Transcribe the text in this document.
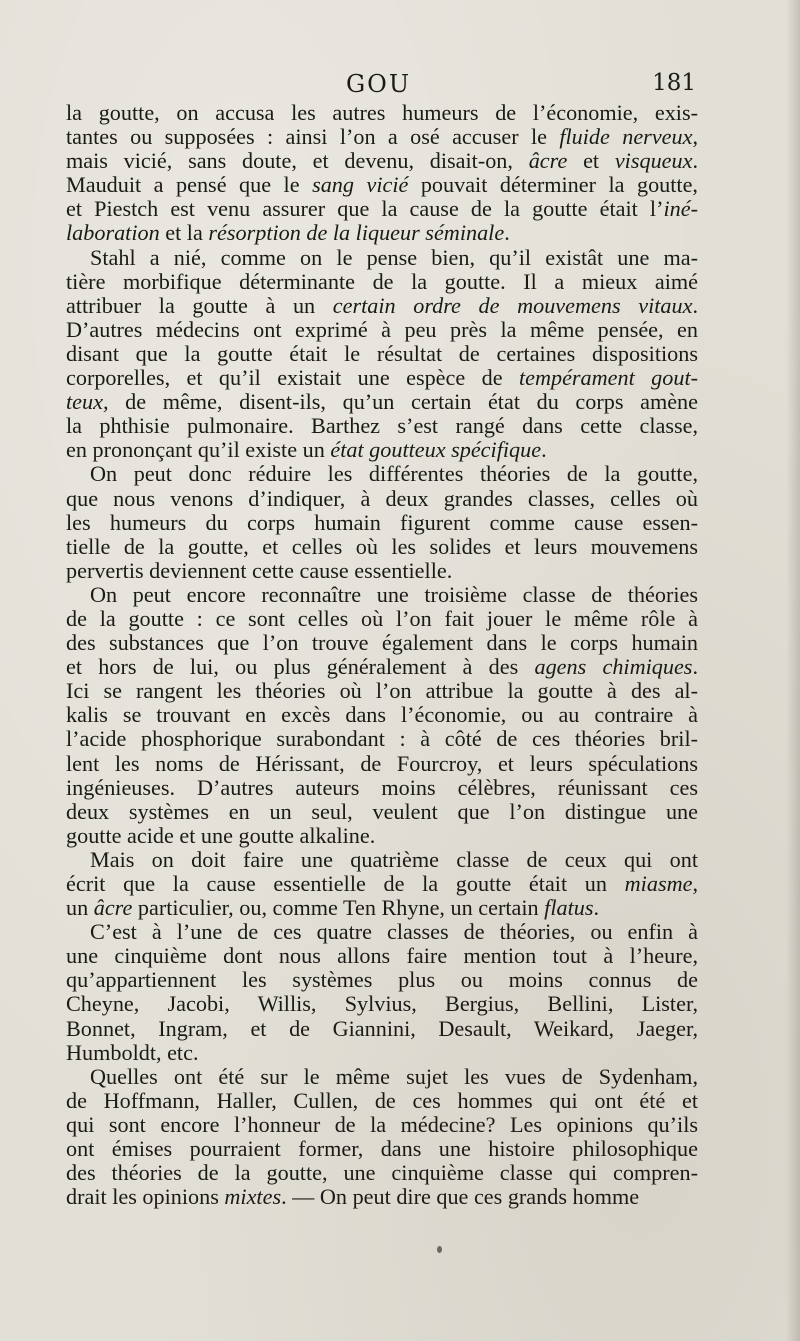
GOU	181

la goutte, on accusa les autres humeurs de l’économie, exis-

tantes ou supposées : ainsi l’on a osé accuser le fluide nerveux,

mais vicié, sans doute, et devenu, disait-on, âcre et visqueux.

Mauduit a pensé que le sang vicié pouvait déterminer la goutte,

et Piestch est venu assurer que la cause de la goutte était l’iné-

laboration et la résorption de la liqueur séminale.

Stahl a nié, comme on le pense bien, qu’il existât une ma-

tière morbifique déterminante de la goutte. Il a mieux aimé

attribuer la goutte à un certain ordre de mouvemens vitaux.

D’autres médecins ont exprimé à peu près la même pensée, en

disant que la goutte était le résultat de certaines dispositions

corporelles, et qu’il existait une espèce de tempérament gout-

teux, de même, disent-ils, qu’un certain état du corps amène

la phthisie pulmonaire. Barthez s’est rangé dans cette classe,

en prononçant qu’il existe un état goutteux spécifique.

On peut donc réduire les différentes théories de la goutte,

que nous venons d’indiquer, à deux grandes classes, celles où

les humeurs du corps humain figurent comme cause essen-

tielle de la goutte, et celles où les solides et leurs mouvemens

pervertis deviennent cette cause essentielle.

On peut encore reconnaître une troisième classe de théories

de la goutte : ce sont celles où l’on fait jouer le même rôle à

des substances que l’on trouve également dans le corps humain

et hors de lui, ou plus généralement à des agens chimiques.

Ici se rangent les théories où l’on attribue la goutte à des al-

kalis se trouvant en excès dans l’économie, ou au contraire à

l’acide phosphorique surabondant : à côté de ces théories bril-

lent les noms de Hérissant, de Fourcroy, et leurs spéculations

ingénieuses. D’autres auteurs moins célèbres, réunissant ces

deux systèmes en un seul, veulent que l’on distingue une

goutte acide et une goutte alkaline.

Mais on doit faire une quatrième classe de ceux qui ont

écrit que la cause essentielle de la goutte était un miasme,

un âcre particulier, ou, comme Ten Rhyne, un certain flatus.

C’est à l’une de ces quatre classes de théories, ou enfin à

une cinquième dont nous allons faire mention tout à l’heure,

qu’appartiennent les systèmes plus ou moins connus de

Cheyne, Jacobi, Willis, Sylvius, Bergius, Bellini, Lister,

Bonnet, Ingram, et de Giannini, Desault, Weikard, Jaeger,

Humboldt, etc.

Quelles ont été sur le même sujet les vues de Sydenham,

de Hoffmann, Haller, Cullen, de ces hommes qui ont été et

qui sont encore l’honneur de la médecine? Les opinions qu’ils

ont émises pourraient former, dans une histoire philosophique

des théories de la goutte, une cinquième classe qui compren-

drait les opinions mixtes. — On peut dire que ces grands homme
